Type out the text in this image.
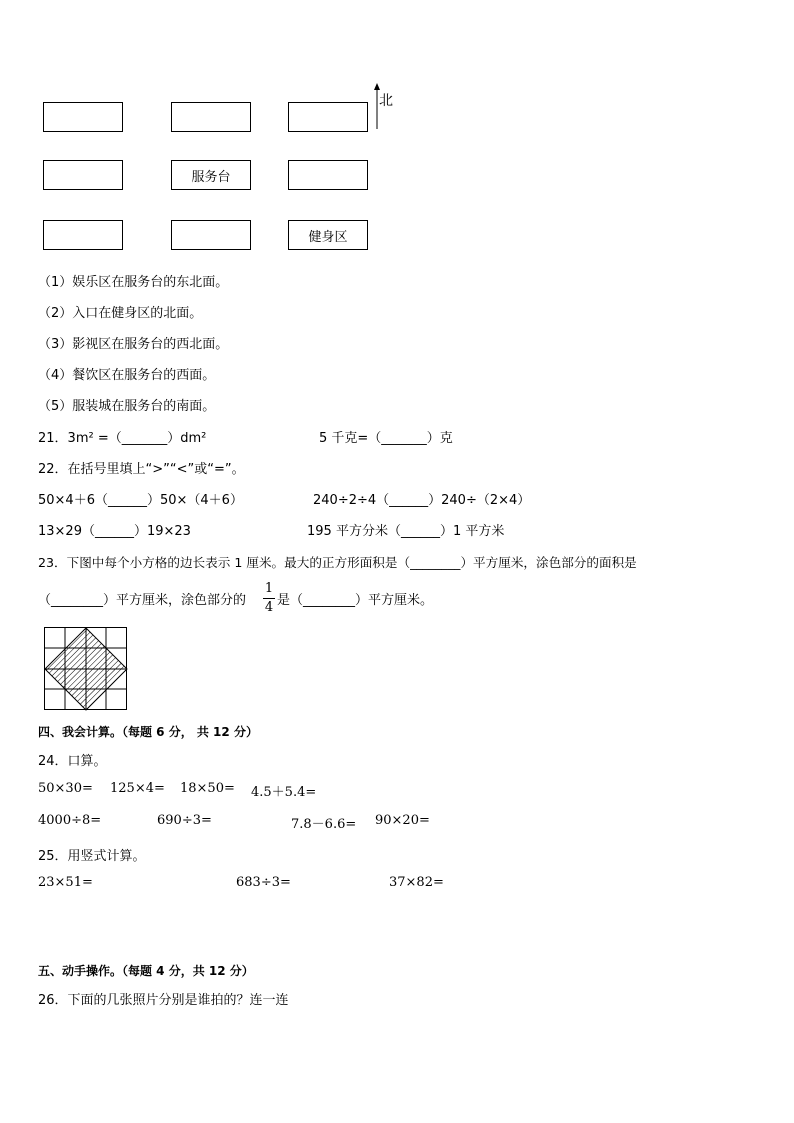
服务台
健身区
北
（1）娱乐区在服务台的东北面。
（2）入口在健身区的北面。
（3）影视区在服务台的西北面。
（4）餐饮区在服务台的西面。
（5）服装城在服务台的南面。
21．3m² =（_______）dm²	5 千克=（_______）克
22．在括号里填上“>”“<”或“=”。
50×4＋6（______）50×（4＋6）	240÷2÷4（______）240÷（2×4）
13×29（______）19×23	195 平方分米（______）1 平方米
23．下图中每个小方格的边长表示 1 厘米。最大的正方形面积是（________）平方厘米，涂色部分的面积是
（________）平方厘米，涂色部分的
1
4 是（________）平方厘米。
四、我会计算。（每题 6 分， 共 12 分）
24．口算。
50×30= 125×4= 18×50= 4.5＋5.4=
4000÷8=	690÷3=	7.8－6.6= 90×20=
25．用竖式计算。
23×51=	683÷3=	37×82=
五、动手操作。（每题 4 分，共 12 分）
26．下面的几张照片分别是谁拍的？连一连
